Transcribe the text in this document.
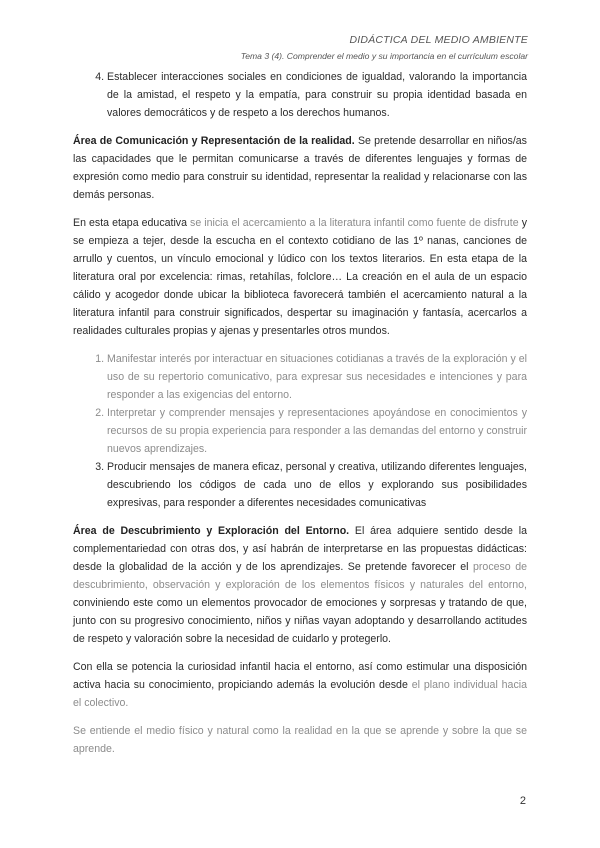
DIDÁCTICA DEL MEDIO AMBIENTE
Tema 3 (4). Comprender el medio y su importancia en el currículum escolar
4. Establecer interacciones sociales en condiciones de igualdad, valorando la importancia de la amistad, el respeto y la empatía, para construir su propia identidad basada en valores democráticos y de respeto a los derechos humanos.

Área de Comunicación y Representación de la realidad. Se pretende desarrollar en niños/as las capacidades que le permitan comunicarse a través de diferentes lenguajes y formas de expresión como medio para construir su identidad, representar la realidad y relacionarse con las demás personas.

En esta etapa educativa se inicia el acercamiento a la literatura infantil como fuente de disfrute y se empieza a tejer, desde la escucha en el contexto cotidiano de las 1º nanas, canciones de arrullo y cuentos, un vínculo emocional y lúdico con los textos literarios. En esta etapa de la literatura oral por excelencia: rimas, retahílas, folclore… La creación en el aula de un espacio cálido y acogedor donde ubicar la biblioteca favorecerá también el acercamiento natural a la literatura infantil para construir significados, despertar su imaginación y fantasía, acercarlos a realidades culturales propias y ajenas y presentarles otros mundos.

1. Manifestar interés por interactuar en situaciones cotidianas a través de la exploración y el uso de su repertorio comunicativo, para expresar sus necesidades e intenciones y para responder a las exigencias del entorno.
2. Interpretar y comprender mensajes y representaciones apoyándose en conocimientos y recursos de su propia experiencia para responder a las demandas del entorno y construir nuevos aprendizajes.
3. Producir mensajes de manera eficaz, personal y creativa, utilizando diferentes lenguajes, descubriendo los códigos de cada uno de ellos y explorando sus posibilidades expresivas, para responder a diferentes necesidades comunicativas

Área de Descubrimiento y Exploración del Entorno. El área adquiere sentido desde la complementariedad con otras dos, y así habrán de interpretarse en las propuestas didácticas: desde la globalidad de la acción y de los aprendizajes. Se pretende favorecer el proceso de descubrimiento, observación y exploración de los elementos físicos y naturales del entorno, conviniendo este como un elementos provocador de emociones y sorpresas y tratando de que, junto con su progresivo conocimiento, niños y niñas vayan adoptando y desarrollando actitudes de respeto y valoración sobre la necesidad de cuidarlo y protegerlo.

Con ella se potencia la curiosidad infantil hacia el entorno, así como estimular una disposición activa hacia su conocimiento, propiciando además la evolución desde el plano individual hacia el colectivo.

Se entiende el medio físico y natural como la realidad en la que se aprende y sobre la que se aprende.

2
